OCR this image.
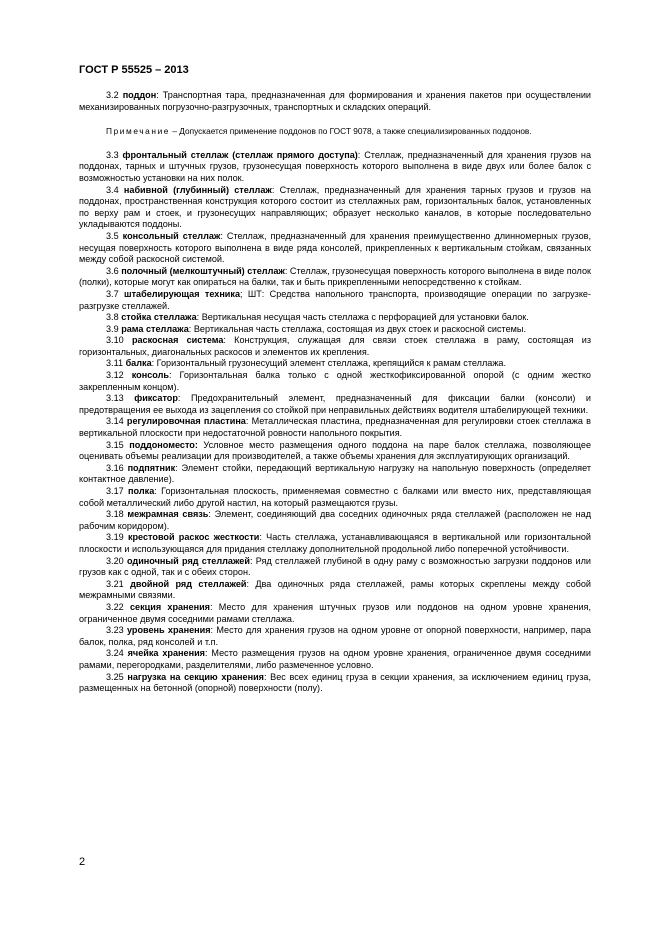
ГОСТ Р 55525 – 2013

3.2 поддон: Транспортная тара, предназначенная для формирования и хранения пакетов при осуществлении механизированных погрузочно-разгрузочных, транспортных и складских операций.

Примечание – Допускается применение поддонов по ГОСТ 9078, а также специализированных поддонов.

3.3 фронтальный стеллаж (стеллаж прямого доступа): Стеллаж, предназначенный для хранения грузов на поддонах, тарных и штучных грузов, грузонесущая поверхность которого выполнена в виде двух или более балок с возможностью установки на них полок.

3.4 набивной (глубинный) стеллаж: Стеллаж, предназначенный для хранения тарных грузов и грузов на поддонах, пространственная конструкция которого состоит из стеллажных рам, горизонтальных балок, установленных по верху рам и стоек, и грузонесущих направляющих; образует несколько каналов, в которые последовательно укладываются поддоны.

3.5 консольный стеллаж: Стеллаж, предназначенный для хранения преимущественно длинномерных грузов, несущая поверхность которого выполнена в виде ряда консолей, прикрепленных к вертикальным стойкам, связанных между собой раскосной системой.

3.6 полочный (мелкоштучный) стеллаж: Стеллаж, грузонесущая поверхность которого выполнена в виде полок (полки), которые могут как опираться на балки, так и быть прикрепленными непосредственно к стойкам.

3.7 штабелирующая техника; ШТ: Средства напольного транспорта, производящие операции по загрузке-разгрузке стеллажей.

3.8 стойка стеллажа: Вертикальная несущая часть стеллажа с перфорацией для установки балок.

3.9 рама стеллажа: Вертикальная часть стеллажа, состоящая из двух стоек и раскосной системы.

3.10 раскосная система: Конструкция, служащая для связи стоек стеллажа в раму, состоящая из горизонтальных, диагональных раскосов и элементов их крепления.

3.11 балка: Горизонтальный грузонесущий элемент стеллажа, крепящийся к рамам стеллажа.

3.12 консоль: Горизонтальная балка только с одной жесткофиксированной опорой (с одним жестко закрепленным концом).

3.13 фиксатор: Предохранительный элемент, предназначенный для фиксации балки (консоли) и предотвращения ее выхода из зацепления со стойкой при неправильных действиях водителя штабелирующей техники.

3.14 регулировочная пластина: Металлическая пластина, предназначенная для регулировки стоек стеллажа в вертикальной плоскости при недостаточной ровности напольного покрытия.

3.15 поддономесто: Условное место размещения одного поддона на паре балок стеллажа, позволяющее оценивать объемы реализации для производителей, а также объемы хранения для эксплуатирующих организаций.

3.16 подпятник: Элемент стойки, передающий вертикальную нагрузку на напольную поверхность (определяет контактное давление).

3.17 полка: Горизонтальная плоскость, применяемая совместно с балками или вместо них, представляющая собой металлический либо другой настил, на который размещаются грузы.

3.18 межрамная связь: Элемент, соединяющий два соседних одиночных ряда стеллажей (расположен не над рабочим коридором).

3.19 крестовой раскос жесткости: Часть стеллажа, устанавливающаяся в вертикальной или горизонтальной плоскости и использующаяся для придания стеллажу дополнительной продольной либо поперечной устойчивости.

3.20 одиночный ряд стеллажей: Ряд стеллажей глубиной в одну раму с возможностью загрузки поддонов или грузов как с одной, так и с обеих сторон.

3.21 двойной ряд стеллажей: Два одиночных ряда стеллажей, рамы которых скреплены между собой межрамными связями.

3.22 секция хранения: Место для хранения штучных грузов или поддонов на одном уровне хранения, ограниченное двумя соседними рамами стеллажа.

3.23 уровень хранения: Место для хранения грузов на одном уровне от опорной поверхности, например, пара балок, полка, ряд консолей и т.п.

3.24 ячейка хранения: Место размещения грузов на одном уровне хранения, ограниченное двумя соседними рамами, перегородками, разделителями, либо размеченное условно.

3.25 нагрузка на секцию хранения: Вес всех единиц груза в секции хранения, за исключением единиц груза, размещенных на бетонной (опорной) поверхности (полу).

2
